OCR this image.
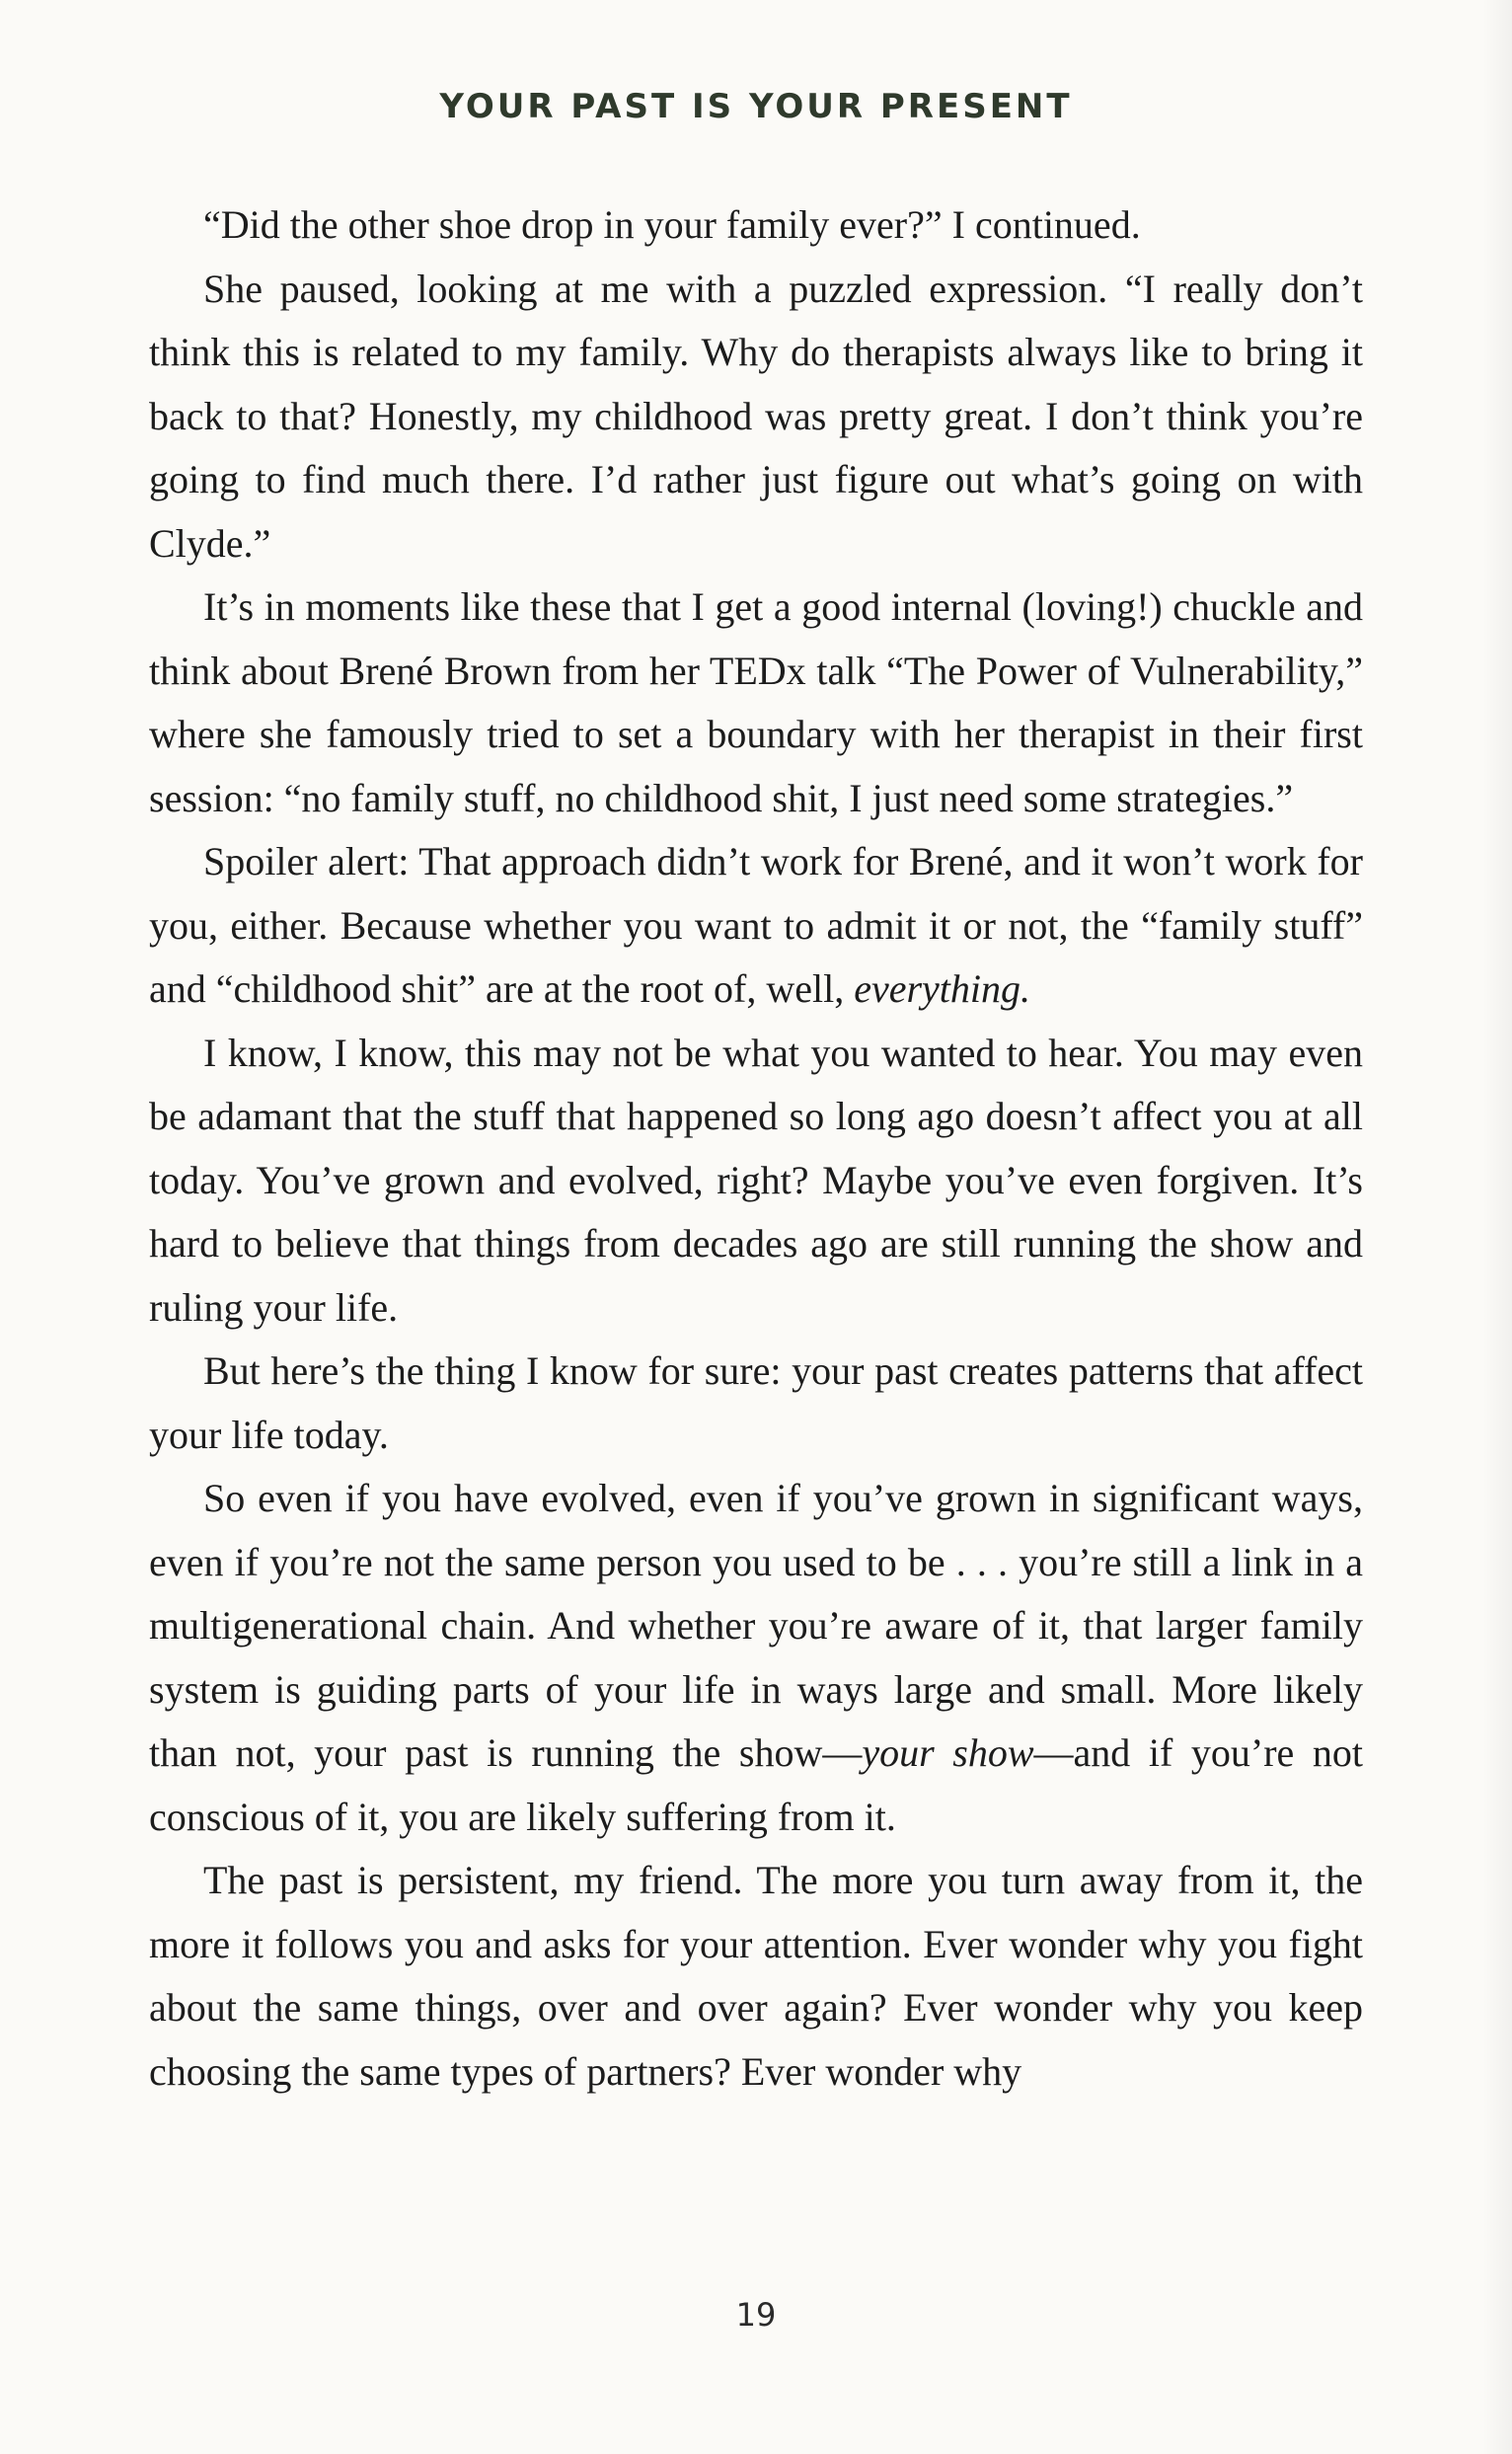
YOUR PAST IS YOUR PRESENT

“Did the other shoe drop in your family ever?” I continued.

She paused, looking at me with a puzzled expression. “I really don’t think this is related to my family. Why do therapists always like to bring it back to that? Honestly, my childhood was pretty great. I don’t think you’re going to find much there. I’d rather just figure out what’s going on with Clyde.”

It’s in moments like these that I get a good internal (loving!) chuckle and think about Brené Brown from her TEDx talk “The Power of Vulnerability,” where she famously tried to set a boundary with her therapist in their first session: “no family stuff, no childhood shit, I just need some strategies.”

Spoiler alert: That approach didn’t work for Brené, and it won’t work for you, either. Because whether you want to admit it or not, the “family stuff” and “childhood shit” are at the root of, well, everything.

I know, I know, this may not be what you wanted to hear. You may even be adamant that the stuff that happened so long ago doesn’t affect you at all today. You’ve grown and evolved, right? Maybe you’ve even forgiven. It’s hard to believe that things from decades ago are still running the show and ruling your life.

But here’s the thing I know for sure: your past creates patterns that affect your life today.

So even if you have evolved, even if you’ve grown in significant ways, even if you’re not the same person you used to be . . . you’re still a link in a multigenerational chain. And whether you’re aware of it, that larger family system is guiding parts of your life in ways large and small. More likely than not, your past is running the show—your show—and if you’re not conscious of it, you are likely suffering from it.

The past is persistent, my friend. The more you turn away from it, the more it follows you and asks for your attention. Ever wonder why you fight about the same things, over and over again? Ever wonder why you keep choosing the same types of partners? Ever wonder why

19
